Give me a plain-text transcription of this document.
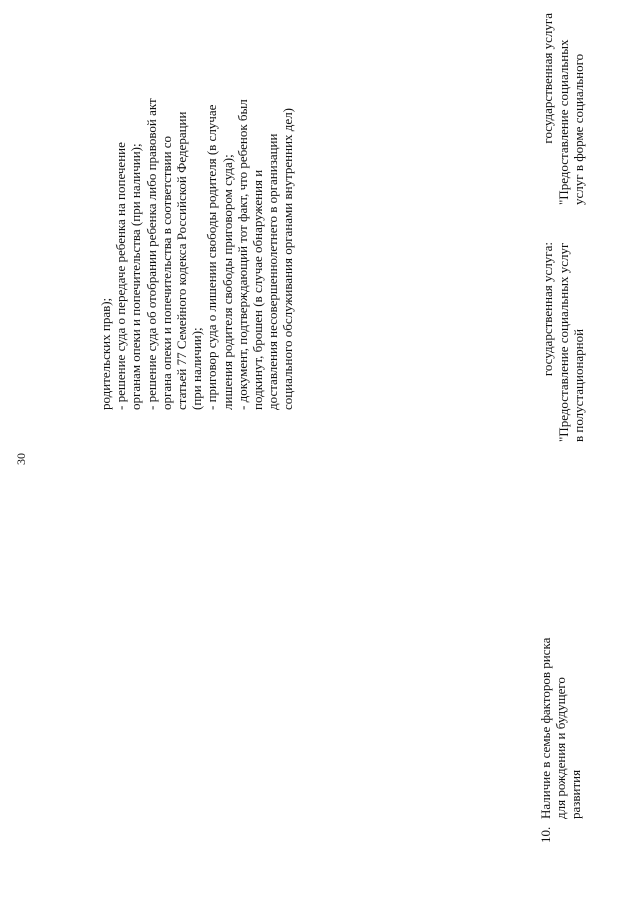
30
10.
Наличие в семье факторов риска для рождения и будущего развития
родительских прав); - решение суда о передаче ребенка на попечение органам опеки и попечительства (при наличии); - решение суда об отобрании ребенка либо правовой акт органа опеки и попечительства в соответствии со статьей 77 Семейного кодекса Российской Федерации (при наличии); - приговор суда о лишении свободы родителя (в случае лишения родителя свободы приговором суда); - документ, подтверждающий тот факт, что ребенок был подкинут, брошен (в случае обнаружения и доставления несовершеннолетнего в организации социального обслуживания органами внутренних дел)	государственная услуга: "Предоставление социальных услуг в полустационарной
государственная услуга "Предоставление социальных услуг в форме социального
